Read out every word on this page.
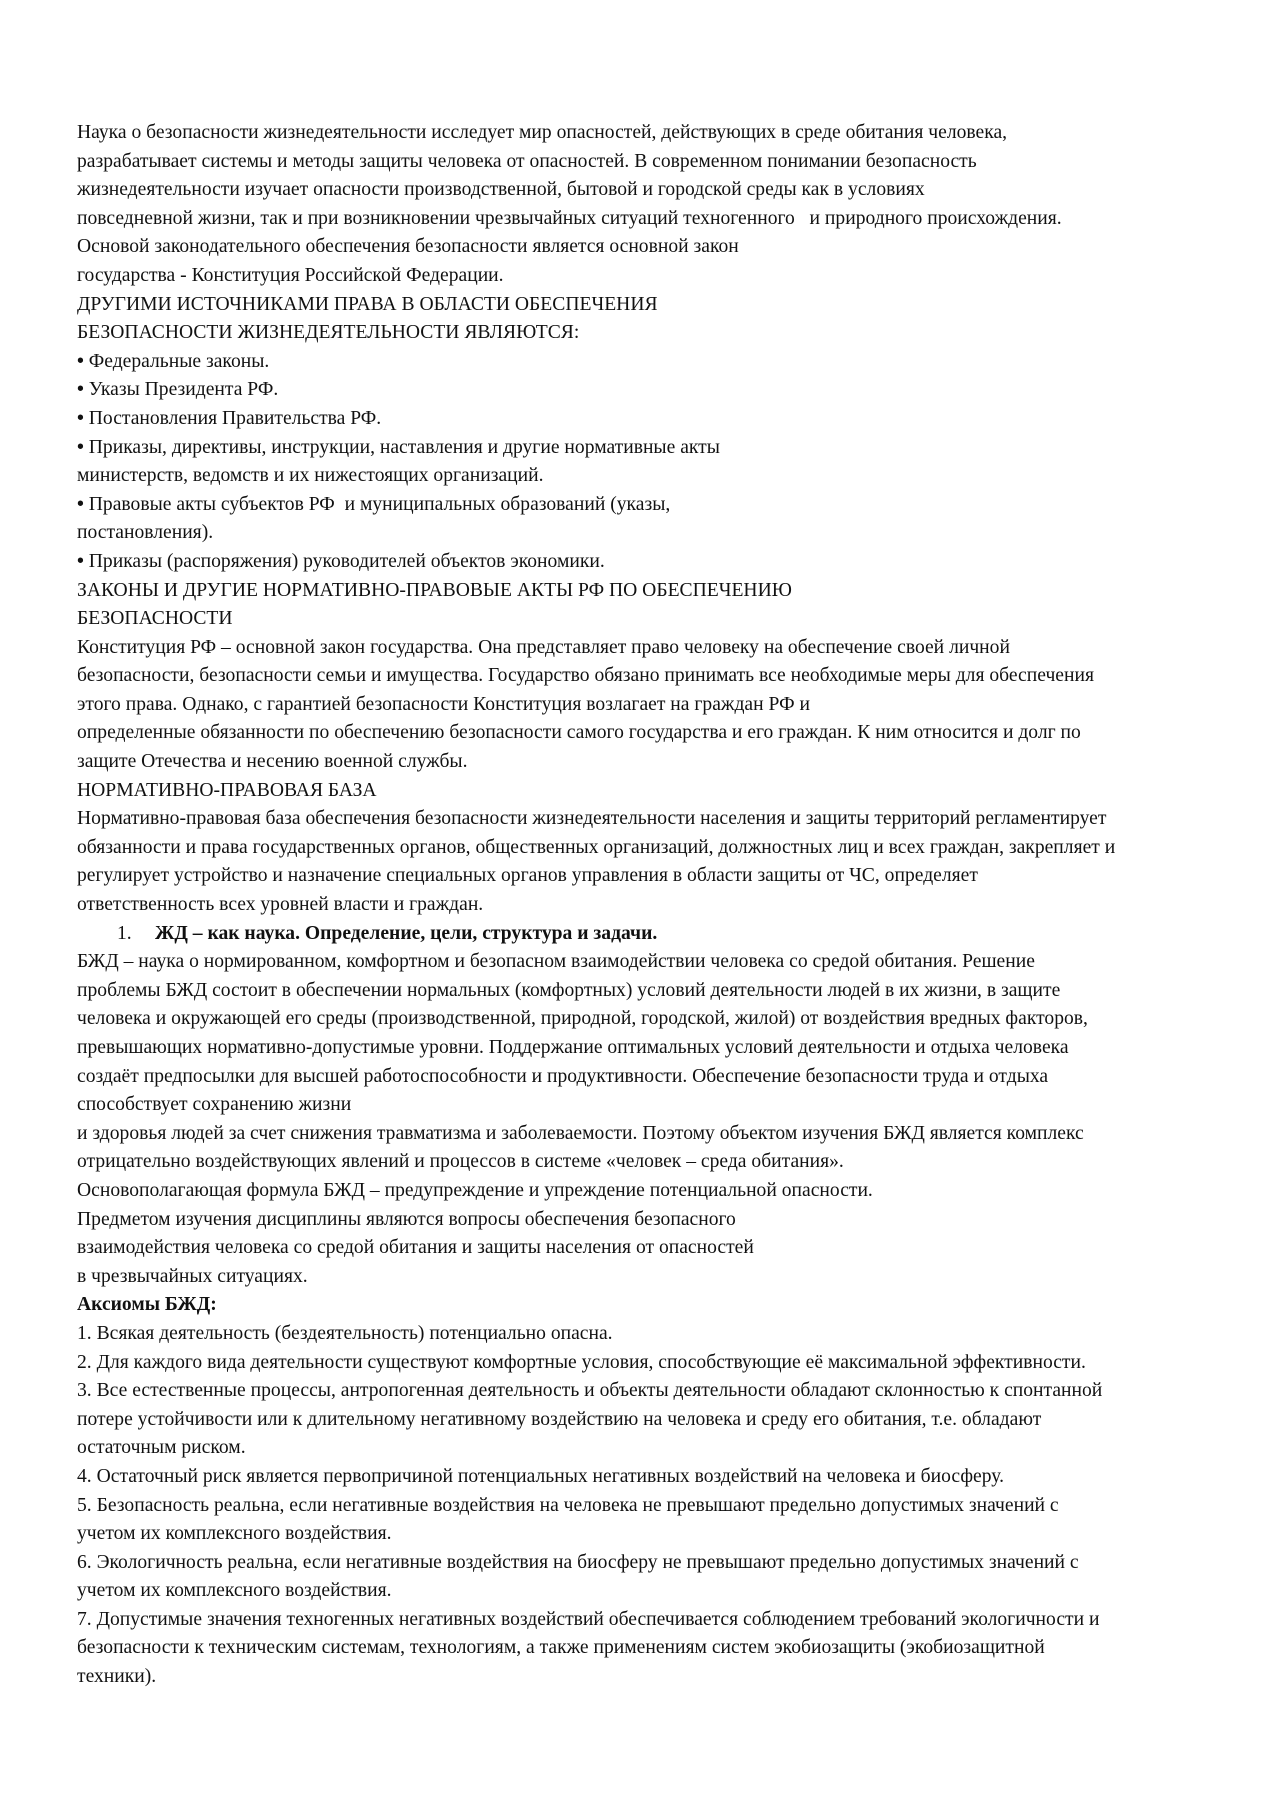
Наука о безопасности жизнедеятельности исследует мир опасностей, действующих в среде обитания человека,

разрабатывает системы и методы защиты человека от опасностей. В современном понимании безопасность

жизнедеятельности изучает опасности производственной, бытовой и городской среды как в условиях

повседневной жизни, так и при возникновении чрезвычайных ситуаций техногенного   и природного происхождения.

Основой законодательного обеспечения безопасности является основной закон

государства - Конституция Российской Федерации.

ДРУГИМИ ИСТОЧНИКАМИ ПРАВА В ОБЛАСТИ ОБЕСПЕЧЕНИЯ

БЕЗОПАСНОСТИ ЖИЗНЕДЕЯТЕЛЬНОСТИ ЯВЛЯЮТСЯ:

• Федеральные законы.

• Указы Президента РФ.

• Постановления Правительства РФ.

• Приказы, директивы, инструкции, наставления и другие нормативные акты

министерств, ведомств и их нижестоящих организаций.

• Правовые акты субъектов РФ  и муниципальных образований (указы,

постановления).

• Приказы (распоряжения) руководителей объектов экономики.

ЗАКОНЫ И ДРУГИЕ НОРМАТИВНО-ПРАВОВЫЕ АКТЫ РФ ПО ОБЕСПЕЧЕНИЮ

БЕЗОПАСНОСТИ

Конституция РФ – основной закон государства. Она представляет право человеку на обеспечение своей личной

безопасности, безопасности семьи и имущества. Государство обязано принимать все необходимые меры для обеспечения

этого права. Однако, с гарантией безопасности Конституция возлагает на граждан РФ и

определенные обязанности по обеспечению безопасности самого государства и его граждан. К ним относится и долг по

защите Отечества и несению военной службы.

НОРМАТИВНО-ПРАВОВАЯ БАЗА

Нормативно-правовая база обеспечения безопасности жизнедеятельности населения и защиты территорий регламентирует

обязанности и права государственных органов, общественных организаций, должностных лиц и всех граждан, закрепляет и

регулирует устройство и назначение специальных органов управления в области защиты от ЧС, определяет

ответственность всех уровней власти и граждан.

1. ЖД – как наука. Определение, цели, структура и задачи.

БЖД – наука о нормированном, комфортном и безопасном взаимодействии человека со средой обитания. Решение

проблемы БЖД состоит в обеспечении нормальных (комфортных) условий деятельности людей в их жизни, в защите

человека и окружающей его среды (производственной, природной, городской, жилой) от воздействия вредных факторов,

превышающих нормативно-допустимые уровни. Поддержание оптимальных условий деятельности и отдыха человека

создаёт предпосылки для высшей работоспособности и продуктивности. Обеспечение безопасности труда и отдыха

способствует сохранению жизни

и здоровья людей за счет снижения травматизма и заболеваемости. Поэтому объектом изучения БЖД является комплекс

отрицательно воздействующих явлений и процессов в системе «человек – среда обитания».

Основополагающая формула БЖД – предупреждение и упреждение потенциальной опасности.

Предметом изучения дисциплины являются вопросы обеспечения безопасного

взаимодействия человека со средой обитания и защиты населения от опасностей

в чрезвычайных ситуациях.

Аксиомы БЖД:

1. Всякая деятельность (бездеятельность) потенциально опасна.

2. Для каждого вида деятельности существуют комфортные условия, способствующие её максимальной эффективности.

3. Все естественные процессы, антропогенная деятельность и объекты деятельности обладают склонностью к спонтанной

потере устойчивости или к длительному негативному воздействию на человека и среду его обитания, т.е. обладают

остаточным риском.

4. Остаточный риск является первопричиной потенциальных негативных воздействий на человека и биосферу.

5. Безопасность реальна, если негативные воздействия на человека не превышают предельно допустимых значений с

учетом их комплексного воздействия.

6. Экологичность реальна, если негативные воздействия на биосферу не превышают предельно допустимых значений с

учетом их комплексного воздействия.

7. Допустимые значения техногенных негативных воздействий обеспечивается соблюдением требований экологичности и

безопасности к техническим системам, технологиям, а также применениям систем экобиозащиты (экобиозащитной

техники).
